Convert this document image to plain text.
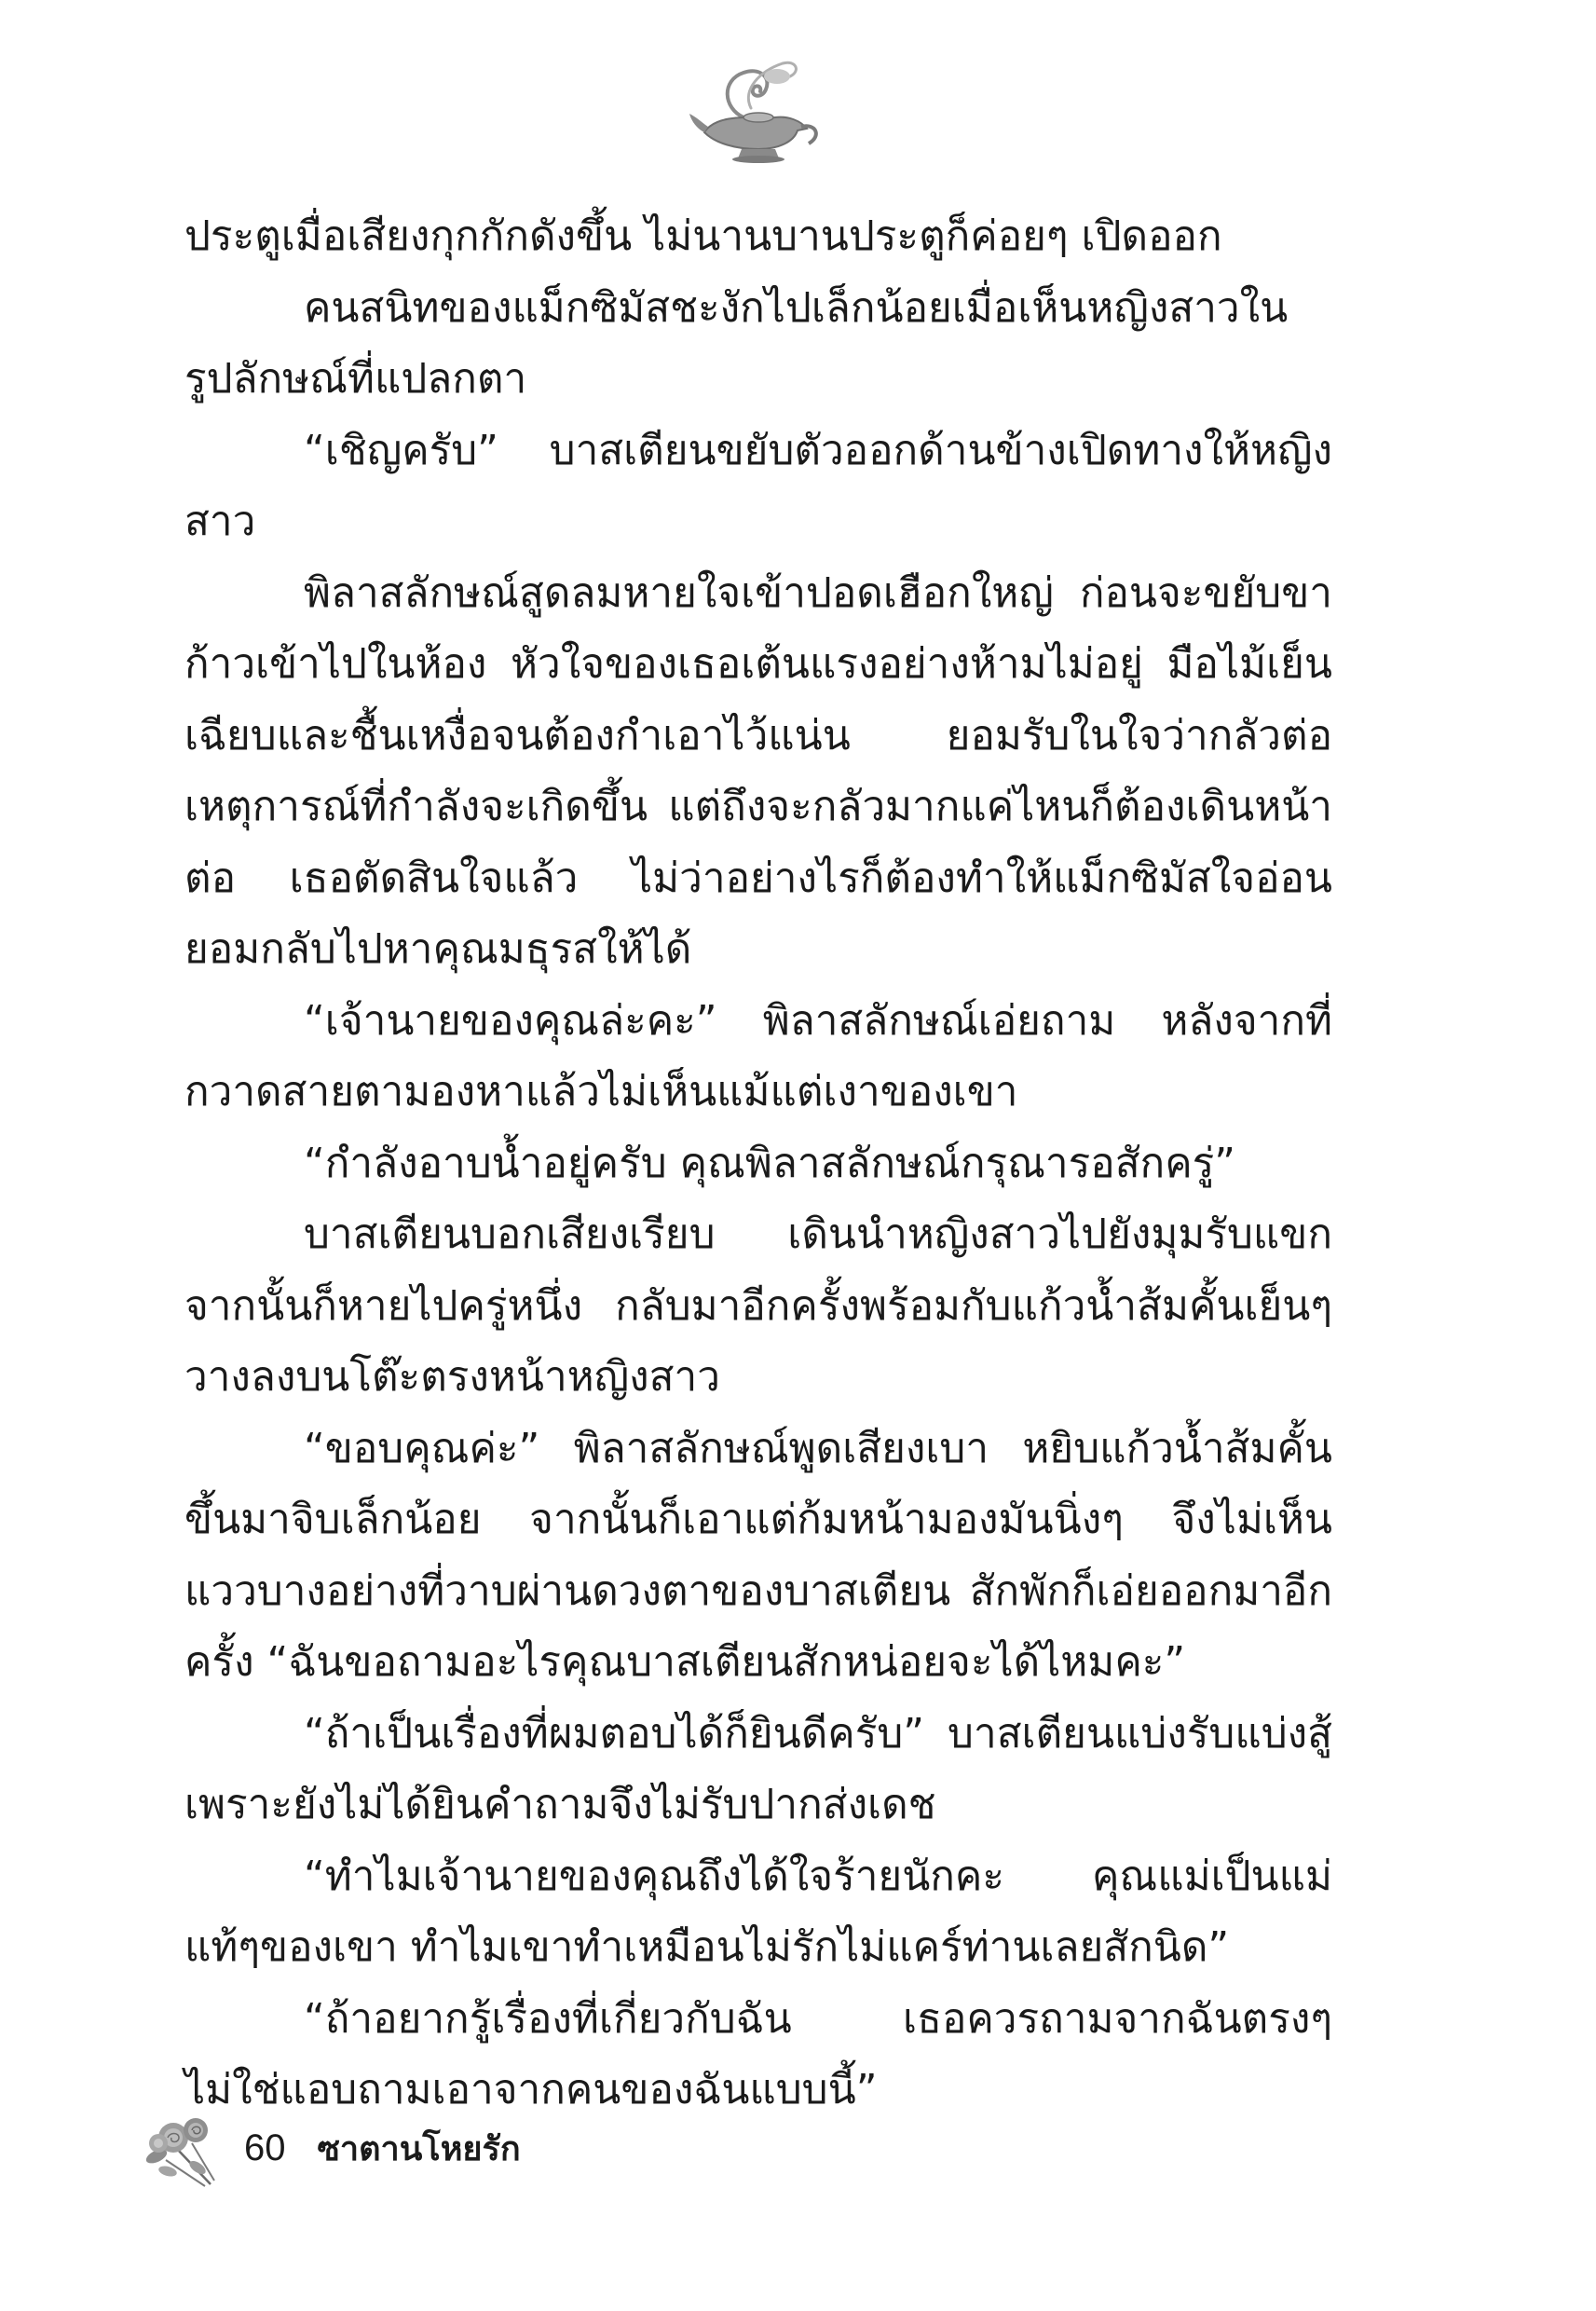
ประตูเมื่อเสียงกุกกักดังขึ้น ไม่นานบานประตูก็ค่อยๆ เปิดออก

คนสนิทของแม็กซิมัสชะงักไปเล็กน้อยเมื่อเห็นหญิงสาวในรูปลักษณ์ที่แปลกตา

“เชิญครับ” บาสเตียนขยับตัวออกด้านข้างเปิดทางให้หญิงสาว

พิลาสลักษณ์สูดลมหายใจเข้าปอดเฮือกใหญ่ ก่อนจะขยับขาก้าวเข้าไปในห้อง หัวใจของเธอเต้นแรงอย่างห้ามไม่อยู่ มือไม้เย็นเฉียบและชื้นเหงื่อจนต้องกำเอาไว้แน่น ยอมรับในใจว่ากลัวต่อเหตุการณ์ที่กำลังจะเกิดขึ้น แต่ถึงจะกลัวมากแค่ไหนก็ต้องเดินหน้าต่อ เธอตัดสินใจแล้ว ไม่ว่าอย่างไรก็ต้องทำให้แม็กซิมัสใจอ่อน ยอมกลับไปหาคุณมธุรสให้ได้

“เจ้านายของคุณล่ะคะ” พิลาสลักษณ์เอ่ยถาม หลังจากที่กวาดสายตามองหาแล้วไม่เห็นแม้แต่เงาของเขา

“กำลังอาบน้ำอยู่ครับ คุณพิลาสลักษณ์กรุณารอสักครู่”

บาสเตียนบอกเสียงเรียบ เดินนำหญิงสาวไปยังมุมรับแขกจากนั้นก็หายไปครู่หนึ่ง กลับมาอีกครั้งพร้อมกับแก้วน้ำส้มคั้นเย็นๆวางลงบนโต๊ะตรงหน้าหญิงสาว

“ขอบคุณค่ะ” พิลาสลักษณ์พูดเสียงเบา หยิบแก้วน้ำส้มคั้นขึ้นมาจิบเล็กน้อย จากนั้นก็เอาแต่ก้มหน้ามองมันนิ่งๆ จึงไม่เห็นแววบางอย่างที่วาบผ่านดวงตาของบาสเตียน สักพักก็เอ่ยออกมาอีกครั้ง “ฉันขอถามอะไรคุณบาสเตียนสักหน่อยจะได้ไหมคะ”

“ถ้าเป็นเรื่องที่ผมตอบได้ก็ยินดีครับ” บาสเตียนแบ่งรับแบ่งสู้เพราะยังไม่ได้ยินคำถามจึงไม่รับปากส่งเดช

“ทำไมเจ้านายของคุณถึงได้ใจร้ายนักคะ คุณแม่เป็นแม่แท้ๆของเขา ทำไมเขาทำเหมือนไม่รักไม่แคร์ท่านเลยสักนิด”

“ถ้าอยากรู้เรื่องที่เกี่ยวกับฉัน เธอควรถามจากฉันตรงๆ ไม่ใช่แอบถามเอาจากคนของฉันแบบนี้”

60 ซาตานโหยรัก
